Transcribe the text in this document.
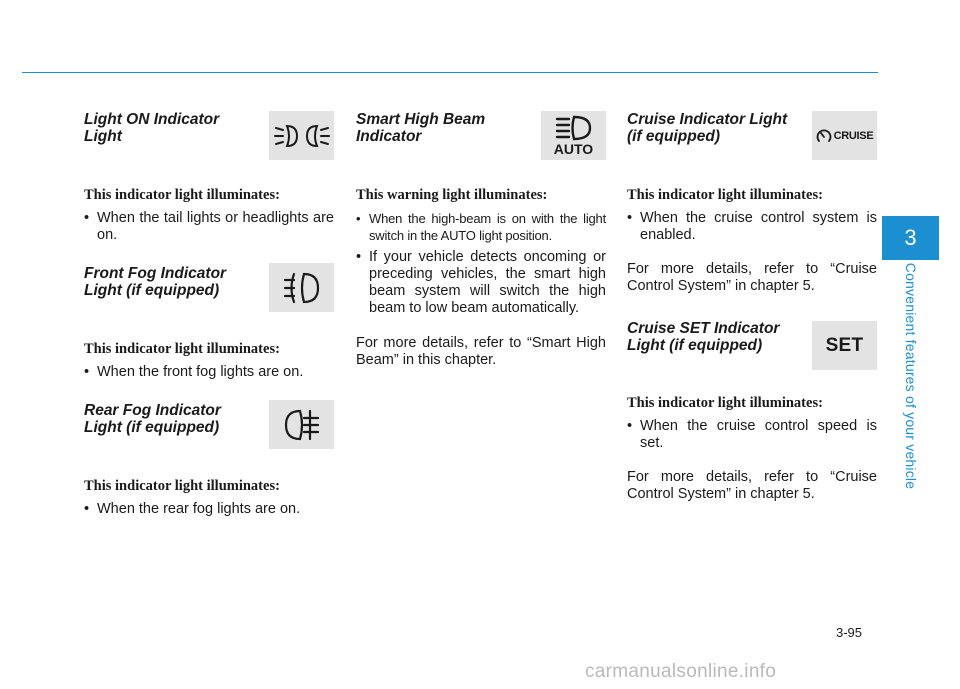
Light ON Indicator
Light
This indicator light illuminates:
• When the tail lights or headlights are on.
Front Fog Indicator
Light (if equipped)
This indicator light illuminates:
• When the front fog lights are on.
Rear Fog Indicator
Light (if equipped)
This indicator light illuminates:
• When the rear fog lights are on.
Smart High Beam
Indicator
AUTO
This warning light illuminates:
• When the high-beam is on with the light switch in the AUTO light position.
• If your vehicle detects oncoming or preceding vehicles, the smart high beam system will switch the high beam to low beam automatically.
For more details, refer to “Smart High Beam” in this chapter.
Cruise Indicator Light
(if equipped)	CRUISE
This indicator light illuminates:
• When the cruise control system is enabled.
For more details, refer to “Cruise Control System” in chapter 5.
Cruise SET Indicator
Light (if equipped)	SET
This indicator light illuminates:
• When the cruise control speed is set.
For more details, refer to “Cruise Control System” in chapter 5.
3
Convenient features of your vehicle
3-95
carmanualsonline.info
